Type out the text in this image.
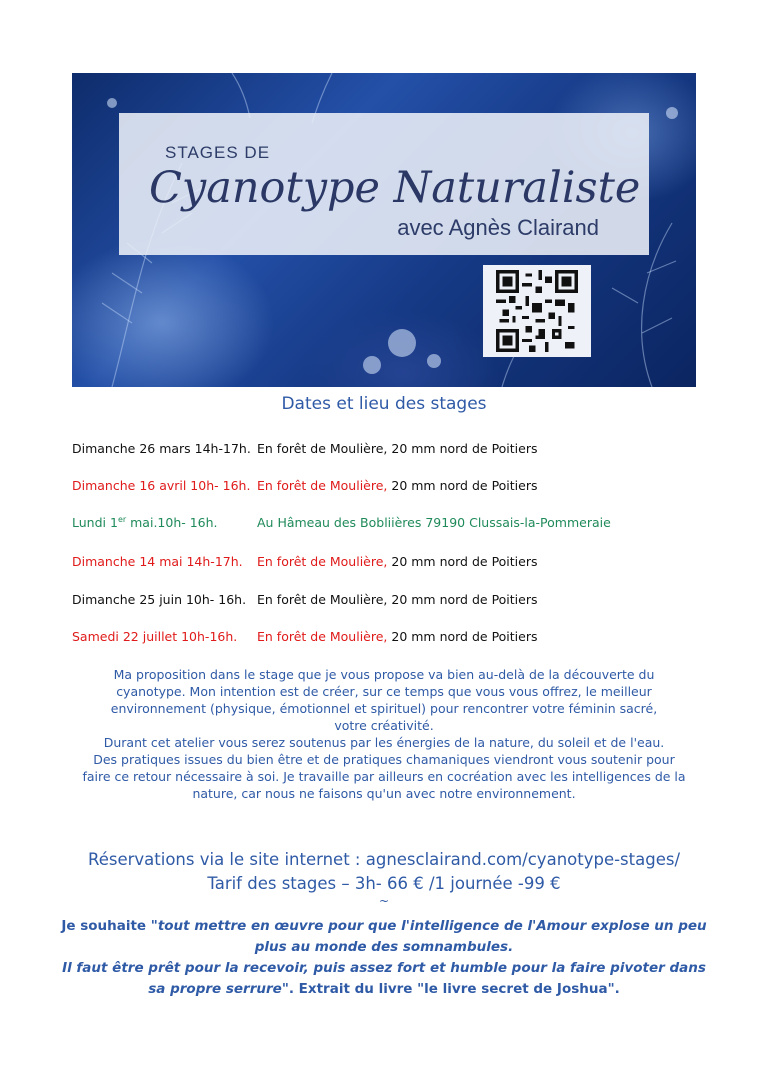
STAGES DE
Cyanotype Naturaliste
avec Agnès Clairand
Dates et lieu des stages
Dimanche 26 mars 14h-17h. En forêt de Moulière, 20 mm nord de Poitiers
Dimanche 16 avril 10h- 16h. En forêt de Moulière, 20 mm nord de Poitiers
Lundi 1er mai.10h- 16h.	Au Hâmeau des Bobliières 79190 Clussais-la-Pommeraie
Dimanche 14 mai 14h-17h. En forêt de Moulière, 20 mm nord de Poitiers
Dimanche 25 juin 10h- 16h. En forêt de Moulière, 20 mm nord de Poitiers
Samedi 22 juillet 10h-16h. En forêt de Moulière, 20 mm nord de Poitiers

Ma proposition dans le stage que je vous propose va bien au-delà de la découverte du

cyanotype. Mon intention est de créer, sur ce temps que vous vous offrez, le meilleur

environnement (physique, émotionnel et spirituel) pour rencontrer votre féminin sacré,

votre créativité.

Durant cet atelier vous serez soutenus par les énergies de la nature, du soleil et de l'eau.

Des pratiques issues du bien être et de pratiques chamaniques viendront vous soutenir pour

faire ce retour nécessaire à soi. Je travaille par ailleurs en cocréation avec les intelligences de la

nature, car nous ne faisons qu'un avec notre environnement.

Réservations via le site internet : agnesclairand.com/cyanotype-stages/
Tarif des stages – 3h- 66 € /1 journée -99 €
~
Je souhaite "tout mettre en œuvre pour que l'intelligence de l'Amour explose un peu plus au monde des somnambules.
Il faut être prêt pour la recevoir, puis assez fort et humble pour la faire pivoter dans sa propre serrure". Extrait du livre "le livre secret de Joshua".
